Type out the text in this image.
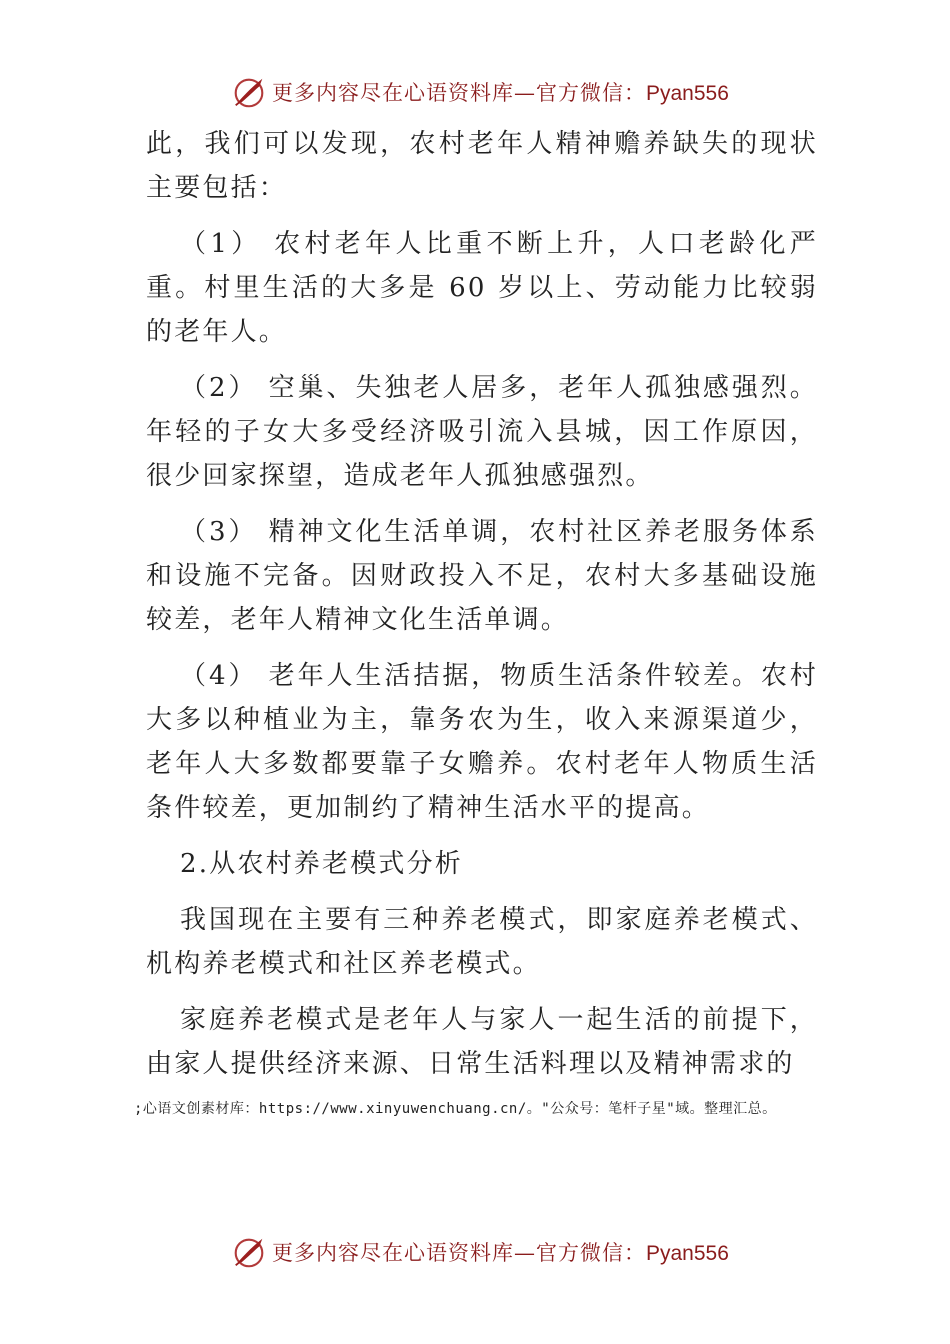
更多内容尽在心语资料库—官方微信：Pyan556

此，我们可以发现，农村老年人精神赡养缺失的现状主要包括：

（1） 农村老年人比重不断上升，人口老龄化严重。村里生活的大多是 60 岁以上、劳动能力比较弱的老年人。

（2） 空巢、失独老人居多，老年人孤独感强烈。年轻的子女大多受经济吸引流入县城，因工作原因，很少回家探望，造成老年人孤独感强烈。

（3） 精神文化生活单调，农村社区养老服务体系和设施不完备。因财政投入不足，农村大多基础设施较差，老年人精神文化生活单调。

（4） 老年人生活拮据，物质生活条件较差。农村大多以种植业为主，靠务农为生，收入来源渠道少，老年人大多数都要靠子女赡养。农村老年人物质生活条件较差，更加制约了精神生活水平的提高。

2.从农村养老模式分析

我国现在主要有三种养老模式，即家庭养老模式、机构养老模式和社区养老模式。

家庭养老模式是老年人与家人一起生活的前提下，由家人提供经济来源、日常生活料理以及精神需求的

;心语文创素材库：https://www.xinyuwenchuang.cn/。"公众号：笔杆子星"域。整理汇总。
更多内容尽在心语资料库—官方微信：Pyan556
